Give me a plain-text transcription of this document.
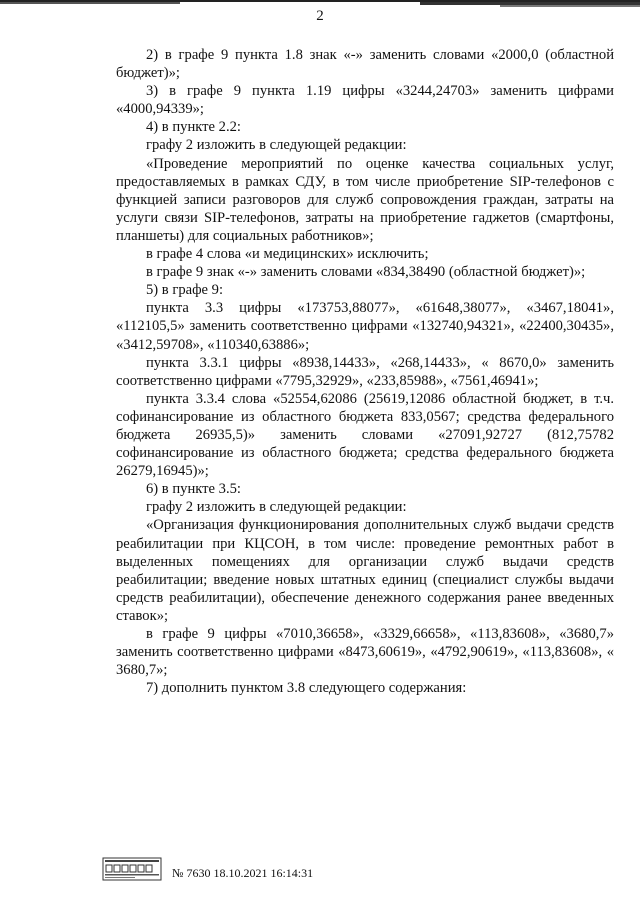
2

2) в графе 9 пункта 1.8 знак «-» заменить словами «2000,0 (областной бюджет)»;

3) в графе 9 пункта 1.19 цифры «3244,24703» заменить цифрами «4000,94339»;

4) в пункте 2.2:

графу 2 изложить в следующей редакции:

«Проведение мероприятий по оценке качества социальных услуг, предоставляемых в рамках СДУ, в том числе приобретение SIP-телефонов с функцией записи разговоров для служб сопровождения граждан, затраты на услуги связи SIP-телефонов, затраты на приобретение гаджетов (смартфоны, планшеты) для социальных работников»;

в графе 4 слова «и медицинских» исключить;

в графе 9 знак «-» заменить словами «834,38490 (областной бюджет)»;

5) в графе 9:

пункта 3.3 цифры «173753,88077», «61648,38077», «3467,18041», «112105,5» заменить соответственно цифрами «132740,94321», «22400,30435», «3412,59708», «110340,63886»;

пункта 3.3.1 цифры «8938,14433», «268,14433», « 8670,0» заменить соответственно цифрами «7795,32929», «233,85988», «7561,46941»;

пункта 3.3.4 слова «52554,62086 (25619,12086 областной бюджет, в т.ч. софинансирование из областного бюджета 833,0567; средства федерального бюджета 26935,5)» заменить словами «27091,92727 (812,75782 софинансирование из областного бюджета; средства федерального бюджета 26279,16945)»;

6) в пункте 3.5:

графу 2 изложить в следующей редакции:

«Организация функционирования дополнительных служб выдачи средств реабилитации при КЦСОН, в том числе: проведение ремонтных работ в выделенных помещениях для организации служб выдачи средств реабилитации; введение новых штатных единиц (специалист службы выдачи средств реабилитации), обеспечение денежного содержания ранее введенных ставок»;

в графе 9 цифры «7010,36658», «3329,66658», «113,83608», «3680,7» заменить соответственно цифрами «8473,60619», «4792,90619», «113,83608», « 3680,7»;

7) дополнить пунктом 3.8 следующего содержания:

№ 7630 18.10.2021 16:14:31
